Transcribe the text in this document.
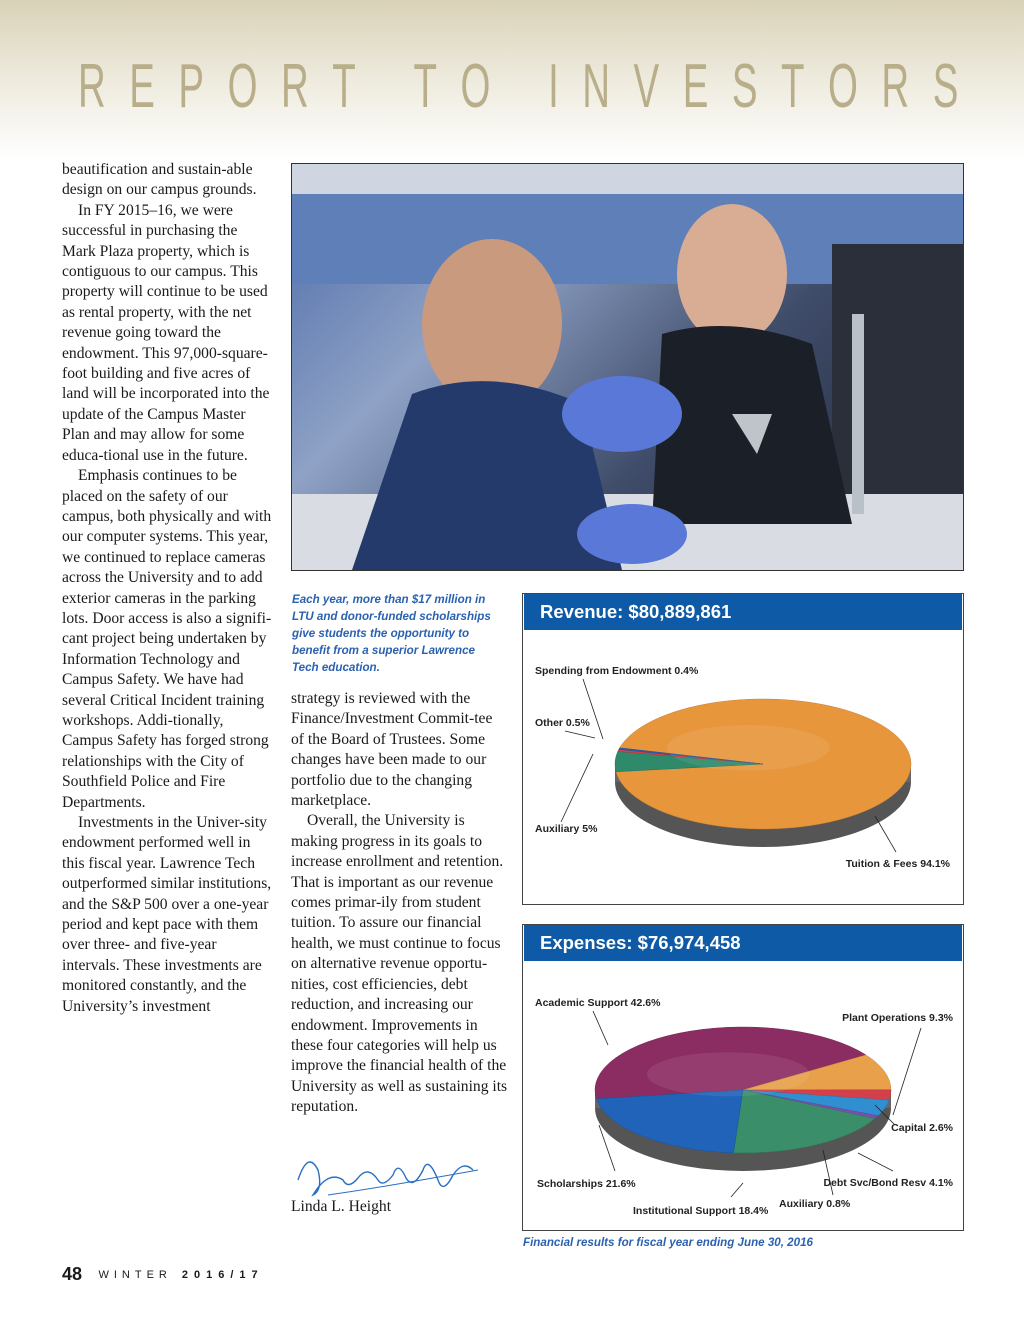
R E P O R T
T O
I N V E S T O R S

beautification and sustain-able design on our campus grounds.

In FY 2015–16, we were successful in purchasing the Mark Plaza property, which is contiguous to our campus. This property will continue to be used as rental property, with the net revenue going toward the endowment. This 97,000-square-foot building and five acres of land will be incorporated into the update of the Campus Master Plan and may allow for some educa-tional use in the future.

Emphasis continues to be placed on the safety of our campus, both physically and with our computer systems. This year, we continued to replace cameras across the University and to add exterior cameras in the parking lots. Door access is also a signifi-cant project being undertaken by Information Technology and Campus Safety. We have had several Critical Incident training workshops. Addi-tionally, Campus Safety has forged strong relationships with the City of Southfield Police and Fire Departments.

Investments in the Univer-sity endowment performed well in this fiscal year. Lawrence Tech outperformed similar institutions, and the S&P 500 over a one-year period and kept pace with them over three- and five-year intervals. These investments are monitored constantly, and the University’s investment

Each year, more than $17 million in LTU and donor-funded scholarships give students the opportunity to benefit from a superior Lawrence Tech education.

strategy is reviewed with the Finance/Investment Commit-tee of the Board of Trustees. Some changes have been made to our portfolio due to the changing marketplace.

Overall, the University is making progress in its goals to increase enrollment and retention. That is important as our revenue comes primar-ily from student tuition. To assure our financial health, we must continue to focus on alternative revenue opportu-nities, cost efficiencies, debt reduction, and increasing our endowment. Improvements in these four categories will help us improve the financial health of the University as well as sustaining its reputation.

Linda L. Height
Revenue: $80,889,861
Tuition & Fees 94.1%
Auxiliary 5%
Other 0.5%
Spending from Endowment 0.4%
Expenses: $76,974,458
Academic Support 42.6%
Plant Operations 9.3%
Capital 2.6%
Debt Svc/Bond Resv 4.1%
Auxiliary 0.8%
Institutional Support 18.4%
Scholarships 21.6%
Financial results for fiscal year ending June 30, 2016
48 WINTER 2016/17
